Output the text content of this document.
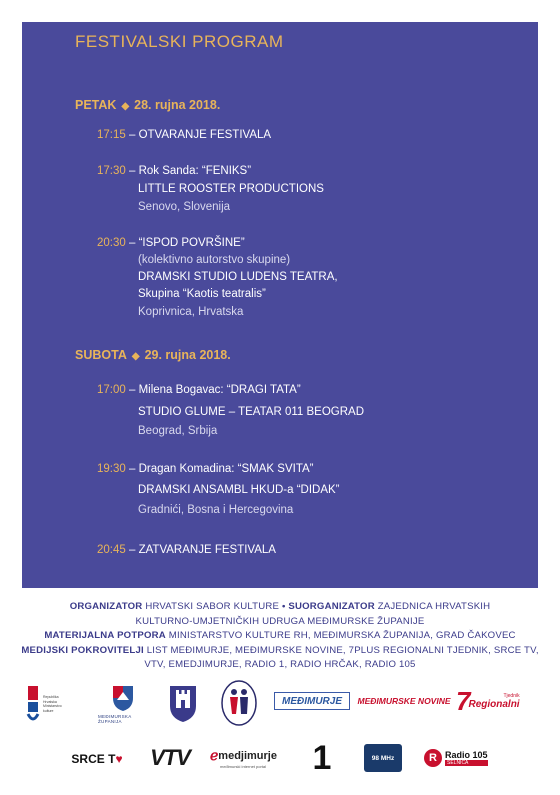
FESTIVALSKI PROGRAM
PETAK ◆ 28. rujna 2018.
17:15 – OTVARANJE FESTIVALA
17:30 – Rok Sanda: “FENIKS”
LITTLE ROOSTER PRODUCTIONS
Senovo, Slovenija
20:30 – “ISPOD POVRŠINE”
(kolektivno autorstvo skupine)
DRAMSKI STUDIO LUDENS TEATRA,
Skupina “Kaotis teatralis”
Koprivnica, Hrvatska
SUBOTA ◆ 29. rujna 2018.
17:00 – Milena Bogavac: “DRAGI TATA”
STUDIO GLUME – TEATAR 011 BEOGRAD
Beograd, Srbija
19:30 – Dragan Komadina: “SMAK SVITA”
DRAMSKI ANSAMBL HKUD-a “DIDAK”
Gradnići, Bosna i Hercegovina
20:45 – ZATVARANJE FESTIVALA
ORGANIZATOR HRVATSKI SABOR KULTURE • SUORGANIZATOR ZAJEDNICA HRVATSKIH
KULTURNO-UMJETNIČKIH UDRUGA MEĐIMURSKE ŽUPANIJE
MATERIJALNA POTPORA MINISTARSTVO KULTURE RH, MEĐIMURSKA ŽUPANIJA, GRAD ČAKOVEC
MEDIJSKI POKROVITELJI LIST MEĐIMURJE, MEĐIMURSKE NOVINE, 7PLUS REGIONALNI TJEDNIK, SRCE TV,
VTV, EMEDJIMURJE, RADIO 1, RADIO HRČAK, RADIO 105
Republika Hrvatska Ministarstvo kulture
MEĐIMURSKA ŽUPANIJA
MEĐIMURJE MEĐIMURSKE NOVINE 7	Tjednik
Regionalni
SRCE T ♥ VTV ℯ medjimurje
međimurski internet portal 1	98 MHz	R Radio 105
SELNICA
